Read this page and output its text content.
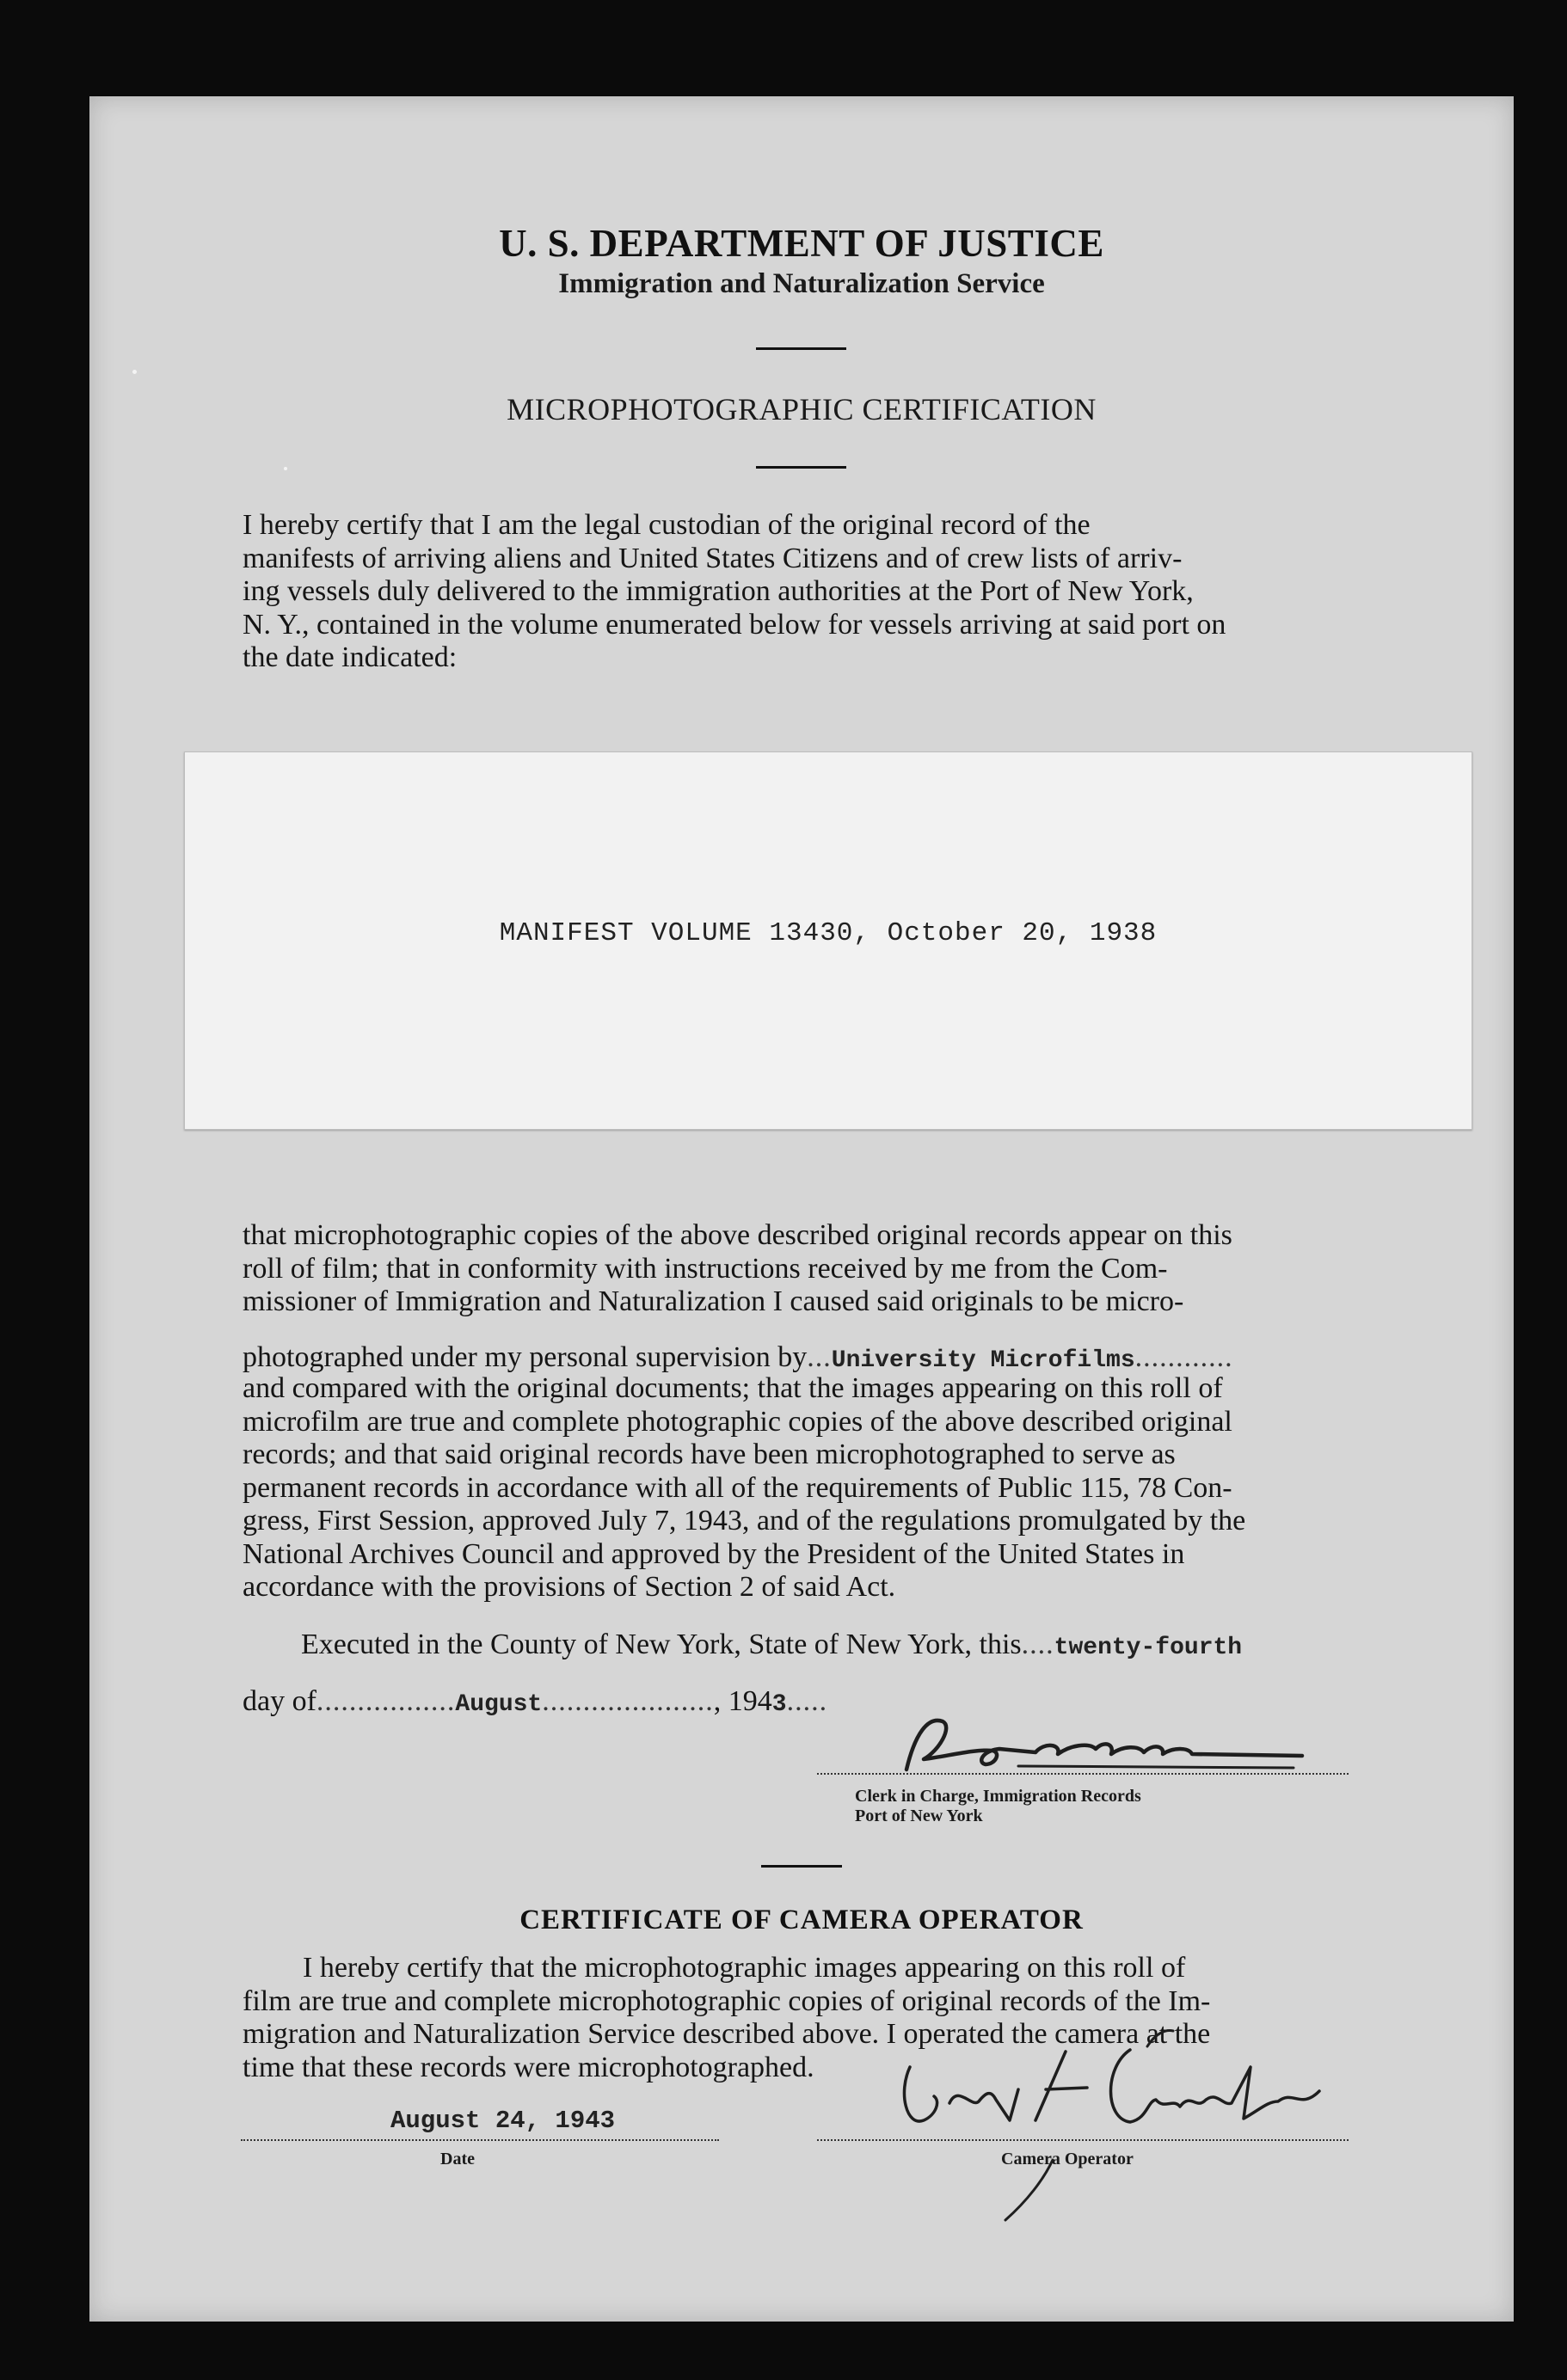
U. S. DEPARTMENT OF JUSTICE
Immigration and Naturalization Service
MICROPHOTOGRAPHIC CERTIFICATION
I hereby certify that I am the legal custodian of the original record of the
manifests of arriving aliens and United States Citizens and of crew lists of arriv-
ing vessels duly delivered to the immigration authorities at the Port of New York,
N. Y., contained in the volume enumerated below for vessels arriving at said port on
the date indicated:
MANIFEST VOLUME 13430, October 20, 1938
that microphotographic copies of the above described original records appear on this
roll of film; that in conformity with instructions received by me from the Com-
missioner of Immigration and Naturalization I caused said originals to be micro-
photographed under my personal supervision by...University Microfilms............
and compared with the original documents; that the images appearing on this roll of
microfilm are true and complete photographic copies of the above described original
records; and that said original records have been microphotographed to serve as
permanent records in accordance with all of the requirements of Public 115, 78 Con-
gress, First Session, approved July 7, 1943, and of the regulations promulgated by the
National Archives Council and approved by the President of the United States in
accordance with the provisions of Section 2 of said Act.
Executed in the County of New York, State of New York, this....twenty-fourth
day of.................August....................., 1943.....
Clerk in Charge, Immigration Records
Port of New York
CERTIFICATE OF CAMERA OPERATOR
I hereby certify that the microphotographic images appearing on this roll of
film are true and complete microphotographic copies of original records of the Im-
migration and Naturalization Service described above. I operated the camera at the
time that these records were microphotographed.
August 24, 1943
Date	Camera Operator
